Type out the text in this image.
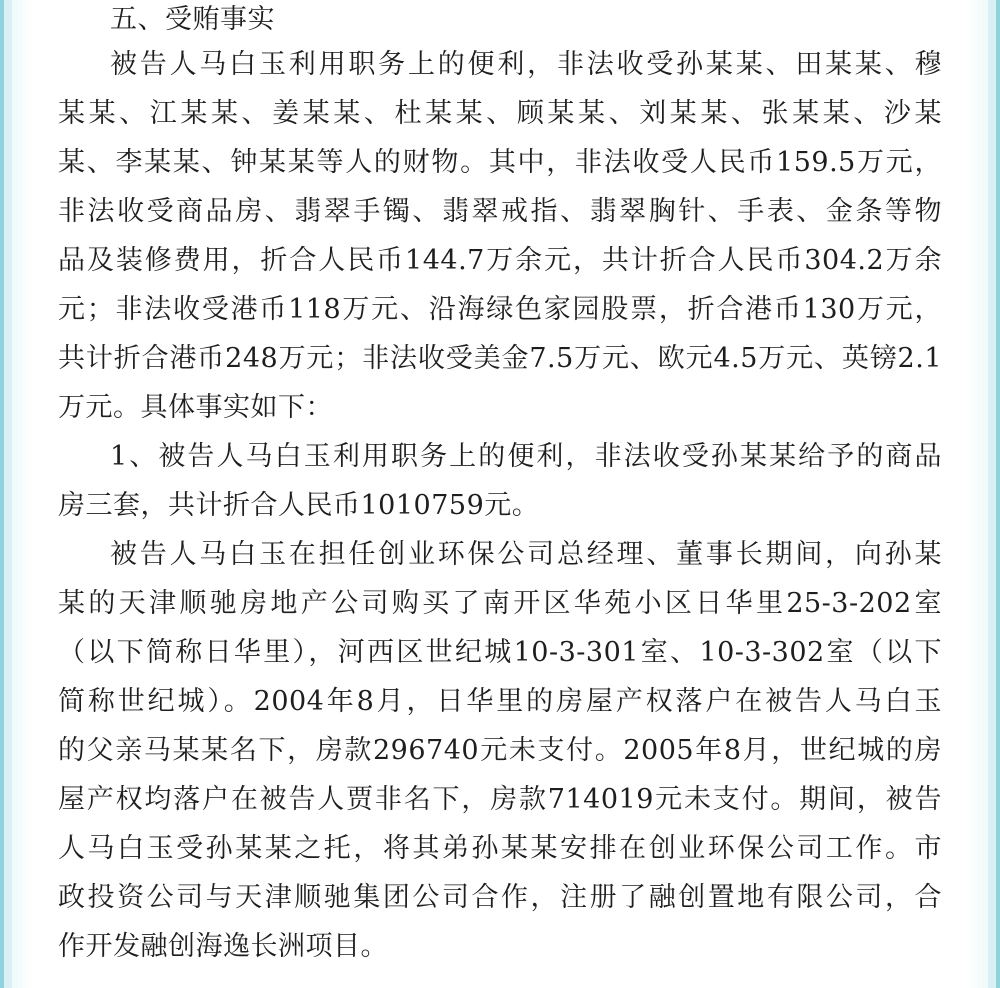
五、受贿事实
被告人马白玉利用职务上的便利，非法收受孙某某、田某某、穆
某某、江某某、姜某某、杜某某、顾某某、刘某某、张某某、沙某
某、李某某、钟某某等人的财物。其中，非法收受人民币159.5万元，
非法收受商品房、翡翠手镯、翡翠戒指、翡翠胸针、手表、金条等物
品及装修费用，折合人民币144.7万余元，共计折合人民币304.2万余
元；非法收受港币118万元、沿海绿色家园股票，折合港币130万元，
共计折合港币248万元；非法收受美金7.5万元、欧元4.5万元、英镑2.1
万元。具体事实如下：
1、被告人马白玉利用职务上的便利，非法收受孙某某给予的商品
房三套，共计折合人民币1010759元。
被告人马白玉在担任创业环保公司总经理、董事长期间，向孙某
某的天津顺驰房地产公司购买了南开区华苑小区日华里25-3-202室
（以下简称日华里），河西区世纪城10-3-301室、10-3-302室（以下
简称世纪城）。2004年8月，日华里的房屋产权落户在被告人马白玉
的父亲马某某名下，房款296740元未支付。2005年8月，世纪城的房
屋产权均落户在被告人贾非名下，房款714019元未支付。期间，被告
人马白玉受孙某某之托，将其弟孙某某安排在创业环保公司工作。市
政投资公司与天津顺驰集团公司合作，注册了融创置地有限公司，合
作开发融创海逸长洲项目。
